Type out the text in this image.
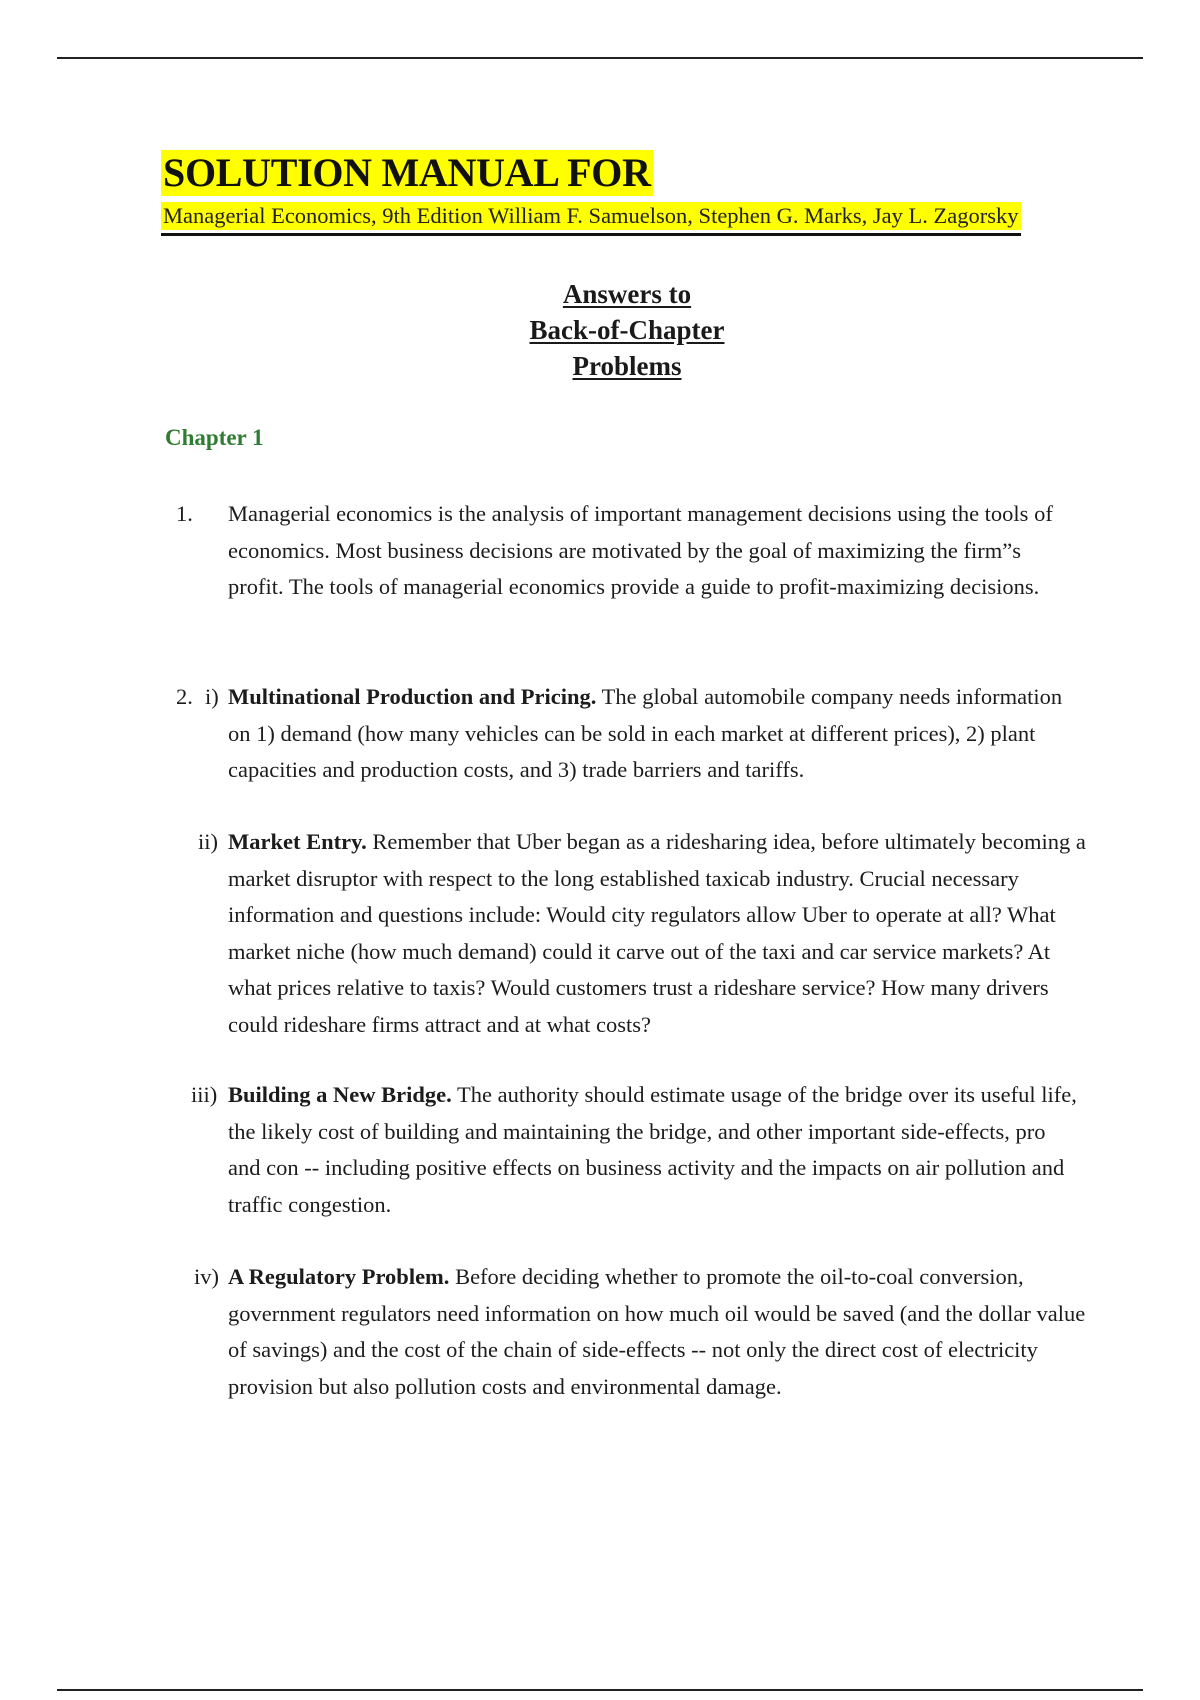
SOLUTION MANUAL FOR
Managerial Economics, 9th Edition William F. Samuelson, Stephen G. Marks, Jay L. Zagorsky
Answers to
Back-of-Chapter
Problems
Chapter 1
1. Managerial economics is the analysis of important management decisions using the tools of economics. Most business decisions are motivated by the goal of maximizing the firm”s profit. The tools of managerial economics provide a guide to profit-maximizing decisions.
2. i) Multinational Production and Pricing. The global automobile company needs information on 1) demand (how many vehicles can be sold in each market at different prices), 2) plant capacities and production costs, and 3) trade barriers and tariffs.
ii) Market Entry. Remember that Uber began as a ridesharing idea, before ultimately becoming a market disruptor with respect to the long established taxicab industry. Crucial necessary information and questions include: Would city regulators allow Uber to operate at all? What market niche (how much demand) could it carve out of the taxi and car service markets? At what prices relative to taxis? Would customers trust a rideshare service? How many drivers could rideshare firms attract and at what costs?
iii) Building a New Bridge. The authority should estimate usage of the bridge over its useful life, the likely cost of building and maintaining the bridge, and other important side-effects, pro and con -- including positive effects on business activity and the impacts on air pollution and traffic congestion.
iv) A Regulatory Problem. Before deciding whether to promote the oil-to-coal conversion, government regulators need information on how much oil would be saved (and the dollar value of savings) and the cost of the chain of side-effects -- not only the direct cost of electricity provision but also pollution costs and environmental damage.
